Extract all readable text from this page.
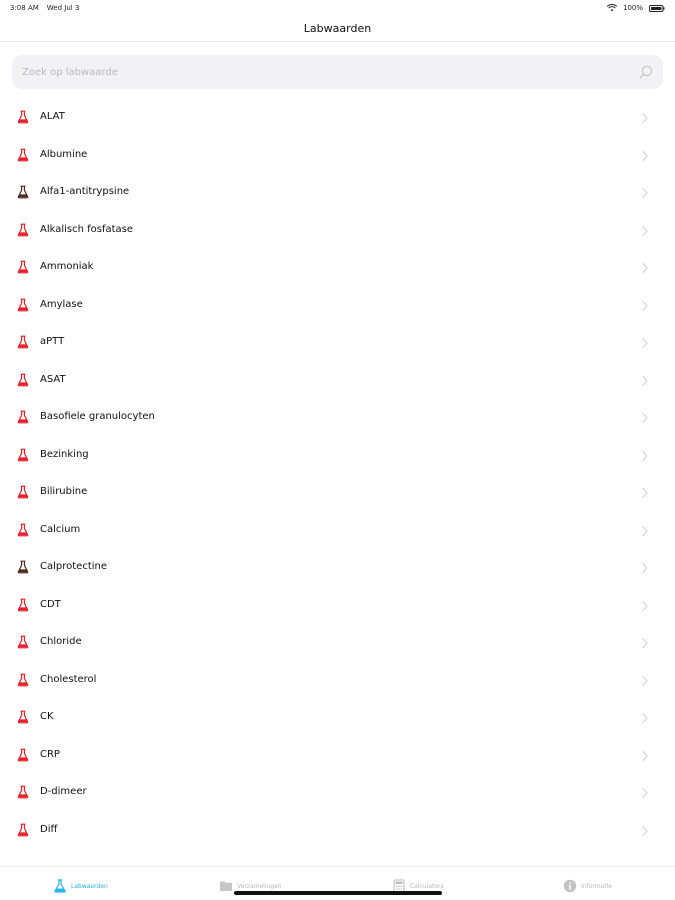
3:08 AM Wed Jul 3	100%
Labwaarden
Zoek op labwaarde
ALAT
Albumine
Alfa1-antitrypsine
Alkalisch fosfatase
Ammoniak
Amylase
aPTT
ASAT
Basofiele granulocyten
Bezinking
Bilirubine
Calcium
Calprotectine
CDT
Chloride
Cholesterol
CK
CRP
D-dimeer
Diff
Labwaarden	Verzamelingen	Calculators	Informatie
